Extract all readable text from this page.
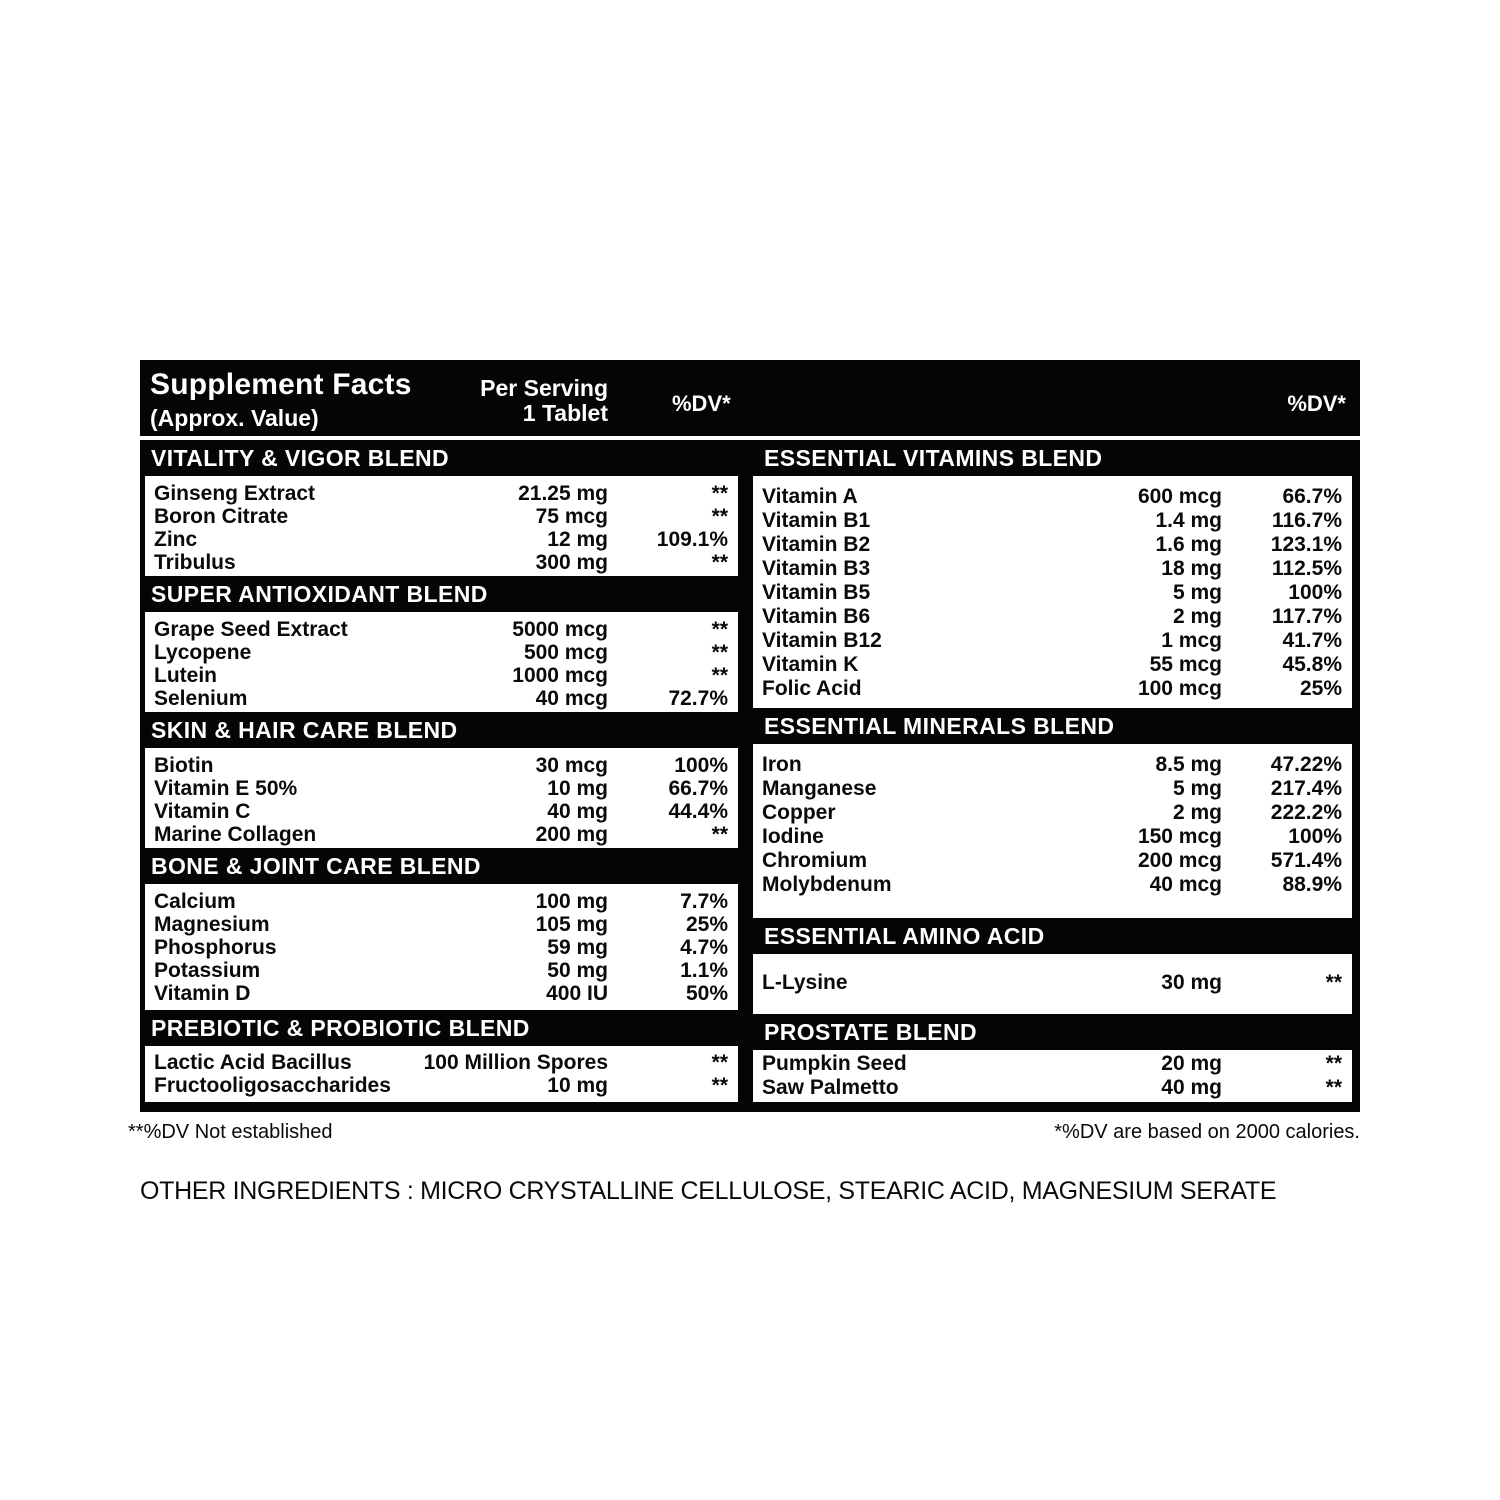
Supplement Facts
(Approx. Value)
Per Serving
1 Tablet	%DV*	%DV*
VITALITY & VIGOR BLEND
Ginseng Extract	21.25 mg	**
Boron Citrate	75 mcg	**
Zinc	12 mg	109.1%
Tribulus	300 mg	**
SUPER ANTIOXIDANT BLEND
Grape Seed Extract	5000 mcg	**
Lycopene	500 mcg	**
Lutein	1000 mcg	**
Selenium	40 mcg	72.7%
SKIN & HAIR CARE BLEND
Biotin	30 mcg	100%
Vitamin E 50%	10 mg	66.7%
Vitamin C	40 mg	44.4%
Marine Collagen	200 mg	**
BONE & JOINT CARE BLEND
Calcium	100 mg	7.7%
Magnesium	105 mg	25%
Phosphorus	59 mg	4.7%
Potassium	50 mg	1.1%
Vitamin D	400 IU	50%
PREBIOTIC & PROBIOTIC BLEND
Lactic Acid Bacillus	100 Million Spores	**
Fructooligosaccharides	10 mg	**
ESSENTIAL VITAMINS BLEND
Vitamin A	600 mcg	66.7%
Vitamin B1	1.4 mg	116.7%
Vitamin B2	1.6 mg	123.1%
Vitamin B3	18 mg	112.5%
Vitamin B5	5 mg	100%
Vitamin B6	2 mg	117.7%
Vitamin B12	1 mcg	41.7%
Vitamin K	55 mcg	45.8%
Folic Acid	100 mcg	25%
ESSENTIAL MINERALS BLEND
Iron	8.5 mg	47.22%
Manganese	5 mg	217.4%
Copper	2 mg	222.2%
Iodine	150 mcg	100%
Chromium	200 mcg	571.4%
Molybdenum	40 mcg	88.9%
ESSENTIAL AMINO ACID
L-Lysine	30 mg	**
PROSTATE BLEND
Pumpkin Seed	20 mg	**
Saw Palmetto	40 mg	**
**%DV Not established	*%DV are based on 2000 calories.
OTHER INGREDIENTS : MICRO CRYSTALLINE CELLULOSE, STEARIC ACID, MAGNESIUM SERATE
